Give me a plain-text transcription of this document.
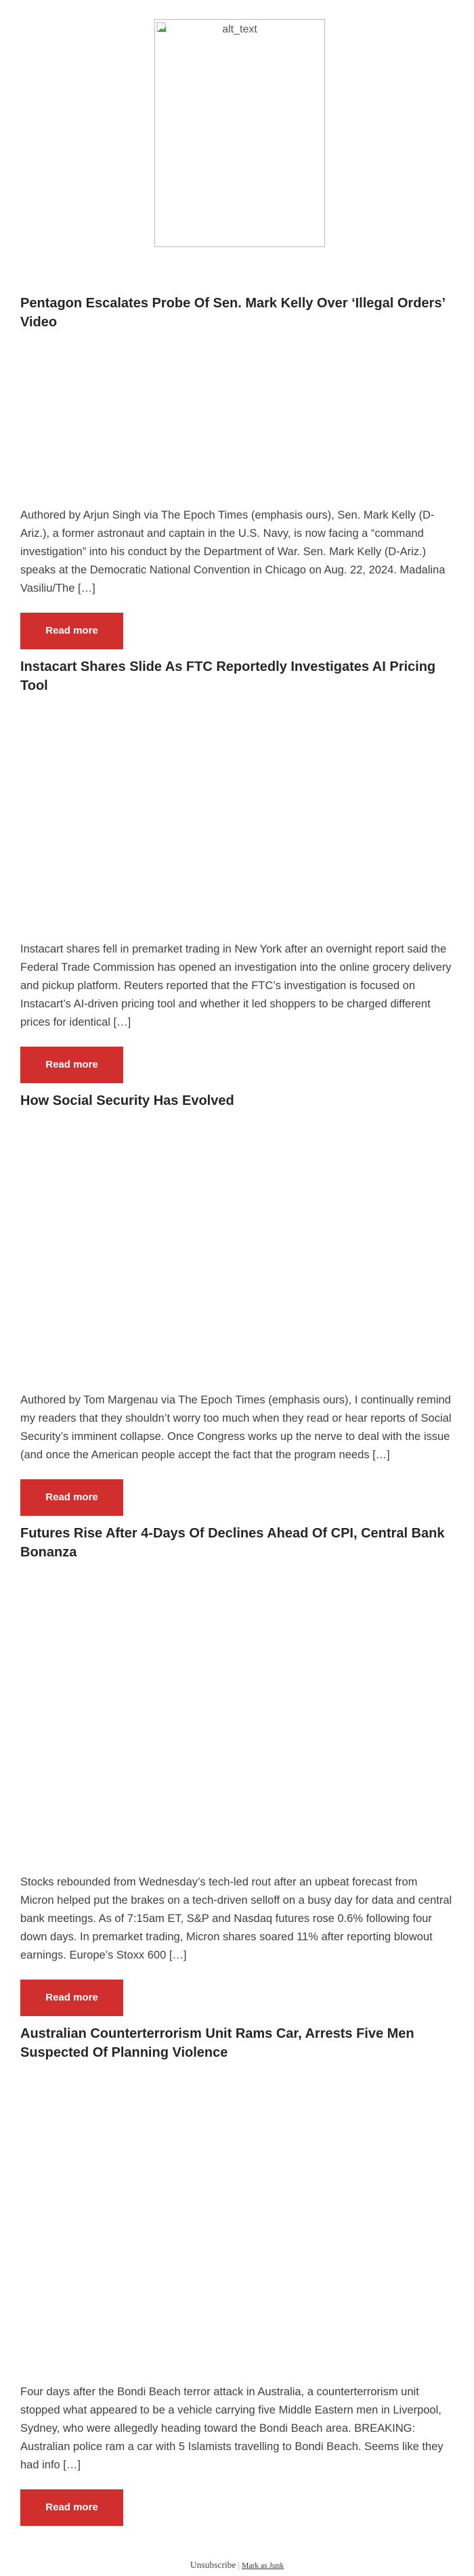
alt_text
Pentagon Escalates Probe Of Sen. Mark Kelly Over ‘Illegal Orders’ Video

Authored by Arjun Singh via The Epoch Times (emphasis ours), Sen. Mark Kelly (D-Ariz.), a former astronaut and captain in the U.S. Navy, is now facing a “command investigation” into his conduct by the Department of War. Sen. Mark Kelly (D-Ariz.) speaks at the Democratic National Convention in Chicago on Aug. 22, 2024. Madalina Vasiliu/The […]

Read more
Instacart Shares Slide As FTC Reportedly Investigates AI Pricing Tool

Instacart shares fell in premarket trading in New York after an overnight report said the Federal Trade Commission has opened an investigation into the online grocery delivery and pickup platform. Reuters reported that the FTC’s investigation is focused on Instacart’s AI-driven pricing tool and whether it led shoppers to be charged different prices for identical […]

Read more
How Social Security Has Evolved

Authored by Tom Margenau via The Epoch Times (emphasis ours), I continually remind my readers that they shouldn’t worry too much when they read or hear reports of Social Security’s imminent collapse. Once Congress works up the nerve to deal with the issue (and once the American people accept the fact that the program needs […]

Read more
Futures Rise After 4-Days Of Declines Ahead Of CPI, Central Bank Bonanza

Stocks rebounded from Wednesday’s tech-led rout after an upbeat forecast from Micron helped put the brakes on a tech-driven selloff on a busy day for data and central bank meetings. As of 7:15am ET, S&P and Nasdaq futures rose 0.6% following four down days. In premarket trading, Micron shares soared 11% after reporting blowout earnings. Europe’s Stoxx 600 […]

Read more
Australian Counterterrorism Unit Rams Car, Arrests Five Men Suspected Of Planning Violence

Four days after the Bondi Beach terror attack in Australia, a counterterrorism unit stopped what appeared to be a vehicle carrying five Middle Eastern men in Liverpool, Sydney, who were allegedly heading toward the Bondi Beach area. BREAKING: Australian police ram a car with 5 Islamists travelling to Bondi Beach. Seems like they had info […]

Read more
Unsubscribe | Mark as Junk
